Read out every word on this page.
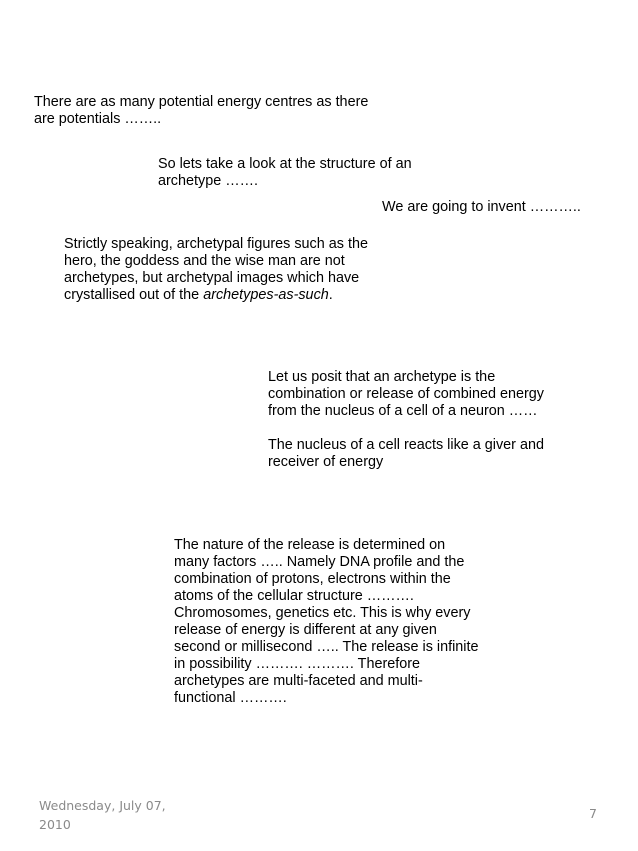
There are as many potential energy centres as there
are potentials ……..

So lets take a look at the structure of an
archetype …….

We are going to invent ………..

Strictly speaking, archetypal figures such as the
hero, the goddess and the wise man are not
archetypes, but archetypal images which have
crystallised out of the archetypes-as-such.

Let us posit that an archetype is the
combination or release of combined energy
from the nucleus of a cell of a neuron ……

The nucleus of a cell reacts like a giver and
receiver of energy

The nature of the release is determined on
many factors ….. Namely DNA profile and the
combination of protons, electrons within the
atoms of the cellular structure ……….
Chromosomes, genetics etc. This is why every
release of energy is different at any given
second or millisecond ….. The release is infinite
in possibility ………. ………. Therefore
archetypes are multi-faceted and multi-
functional ……….

Wednesday, July 07,
2010
7
